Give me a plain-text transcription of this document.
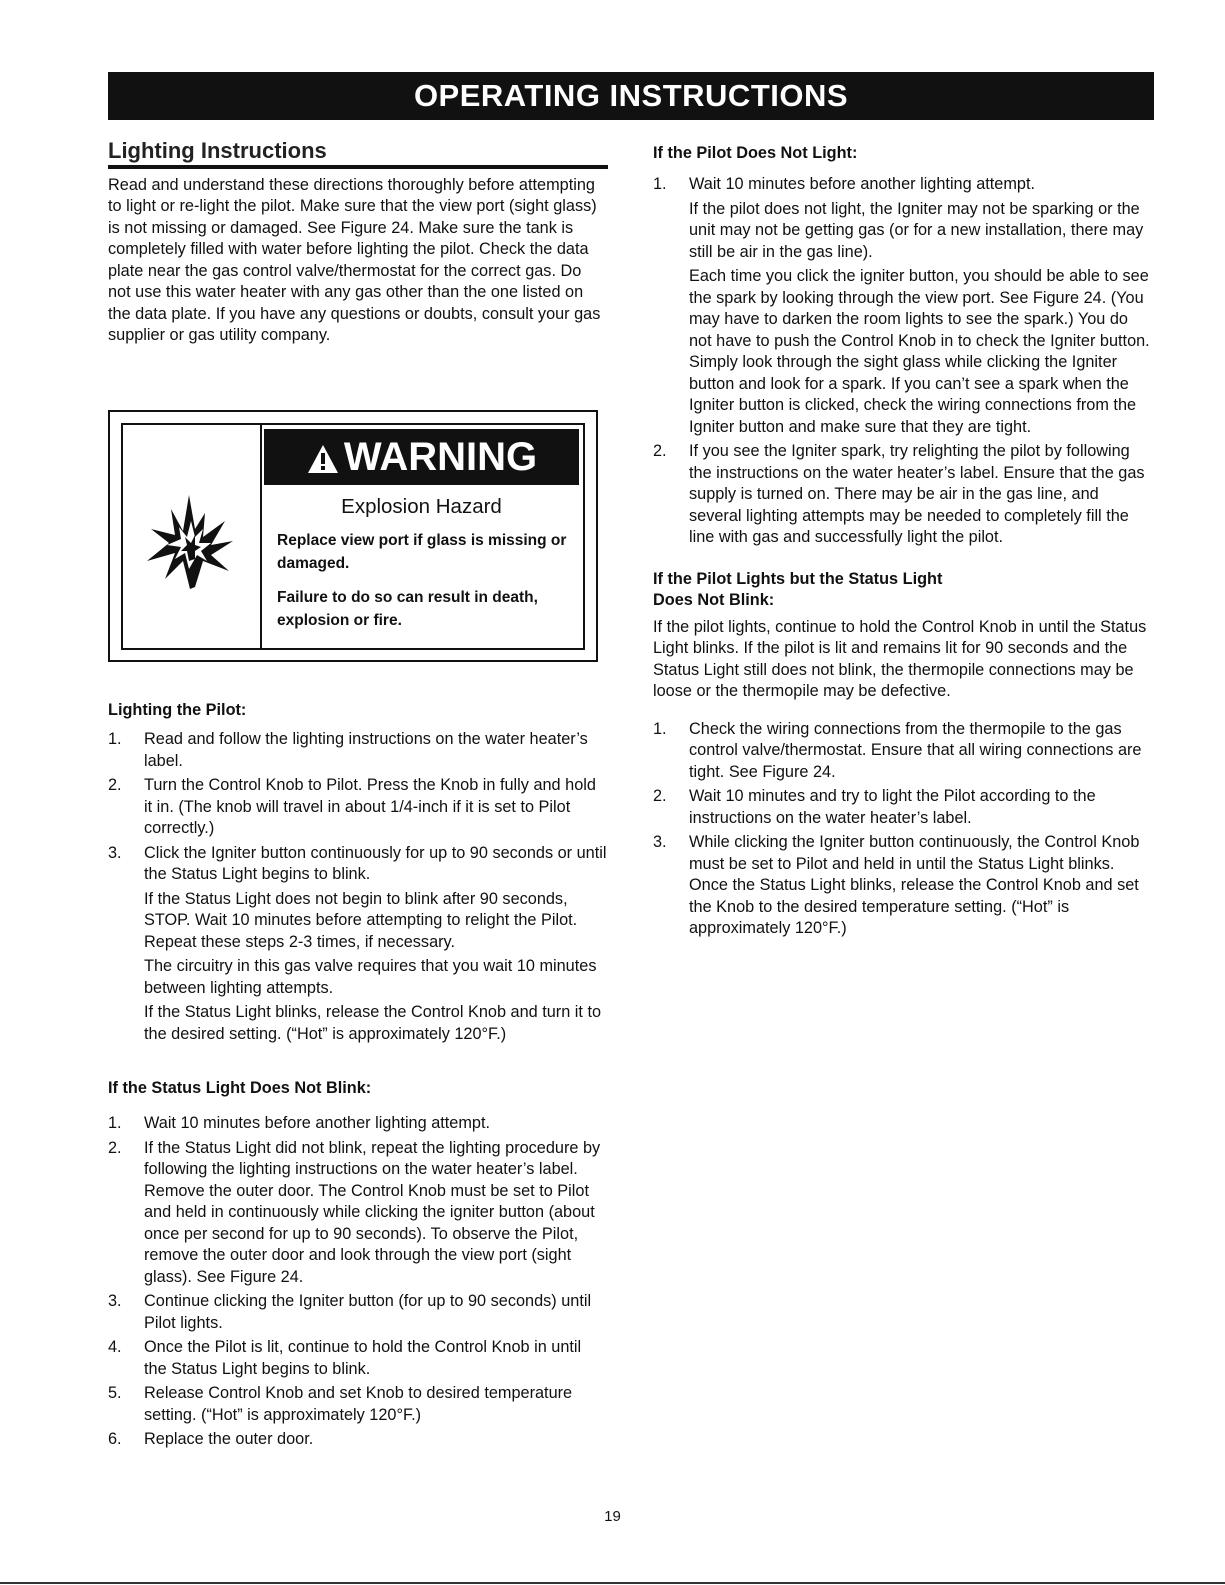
OPERATING INSTRUCTIONS
Lighting Instructions

Read and understand these directions thoroughly before attempting to light or re-light the pilot. Make sure that the view port (sight glass) is not missing or damaged. See Figure 24. Make sure the tank is completely filled with water before lighting the pilot. Check the data plate near the gas control valve/thermostat for the correct gas. Do not use this water heater with any gas other than the one listed on the data plate. If you have any questions or doubts, consult your gas supplier or gas utility company.

WARNING
Explosion Hazard
Replace view port if glass is missing or damaged.
Failure to do so can result in death, explosion or fire.

Lighting the Pilot:

1. Read and follow the lighting instructions on the water heater’s label.

2. Turn the Control Knob to Pilot. Press the Knob in fully and hold it in. (The knob will travel in about 1/4-inch if it is set to Pilot correctly.)

3. Click the Igniter button continuously for up to 90 seconds or until the Status Light begins to blink.

If the Status Light does not begin to blink after 90 seconds, STOP. Wait 10 minutes before attempting to relight the Pilot. Repeat these steps 2-3 times, if necessary.

The circuitry in this gas valve requires that you wait 10 minutes between lighting attempts.

If the Status Light blinks, release the Control Knob and turn it to the desired setting. (“Hot” is approximately 120°F.)

If the Status Light Does Not Blink:

1. Wait 10 minutes before another lighting attempt.

2. If the Status Light did not blink, repeat the lighting procedure by following the lighting instructions on the water heater’s label. Remove the outer door. The Control Knob must be set to Pilot and held in continuously while clicking the igniter button (about once per second for up to 90 seconds). To observe the Pilot, remove the outer door and look through the view port (sight glass). See Figure 24.

3. Continue clicking the Igniter button (for up to 90 seconds) until Pilot lights.

4. Once the Pilot is lit, continue to hold the Control Knob in until the Status Light begins to blink.

5. Release Control Knob and set Knob to desired temperature setting. (“Hot” is approximately 120°F.)

6. Replace the outer door.

If the Pilot Does Not Light:

1. Wait 10 minutes before another lighting attempt.

If the pilot does not light, the Igniter may not be sparking or the unit may not be getting gas (or for a new installation, there may still be air in the gas line).

Each time you click the igniter button, you should be able to see the spark by looking through the view port. See Figure 24. (You may have to darken the room lights to see the spark.) You do not have to push the Control Knob in to check the Igniter button. Simply look through the sight glass while clicking the Igniter button and look for a spark. If you can’t see a spark when the Igniter button is clicked, check the wiring connections from the Igniter button and make sure that they are tight.

2. If you see the Igniter spark, try relighting the pilot by following the instructions on the water heater’s label. Ensure that the gas supply is turned on. There may be air in the gas line, and several lighting attempts may be needed to completely fill the line with gas and successfully light the pilot.

If the Pilot Lights but the Status Light

Does Not Blink:

If the pilot lights, continue to hold the Control Knob in until the Status Light blinks. If the pilot is lit and remains lit for 90 seconds and the Status Light still does not blink, the thermopile connections may be loose or the thermopile may be defective.

1. Check the wiring connections from the thermopile to the gas control valve/thermostat. Ensure that all wiring connections are tight. See Figure 24.

2. Wait 10 minutes and try to light the Pilot according to the instructions on the water heater’s label.

3. While clicking the Igniter button continuously, the Control Knob must be set to Pilot and held in until the Status Light blinks. Once the Status Light blinks, release the Control Knob and set the Knob to the desired temperature setting. (“Hot” is approximately 120°F.)

19
